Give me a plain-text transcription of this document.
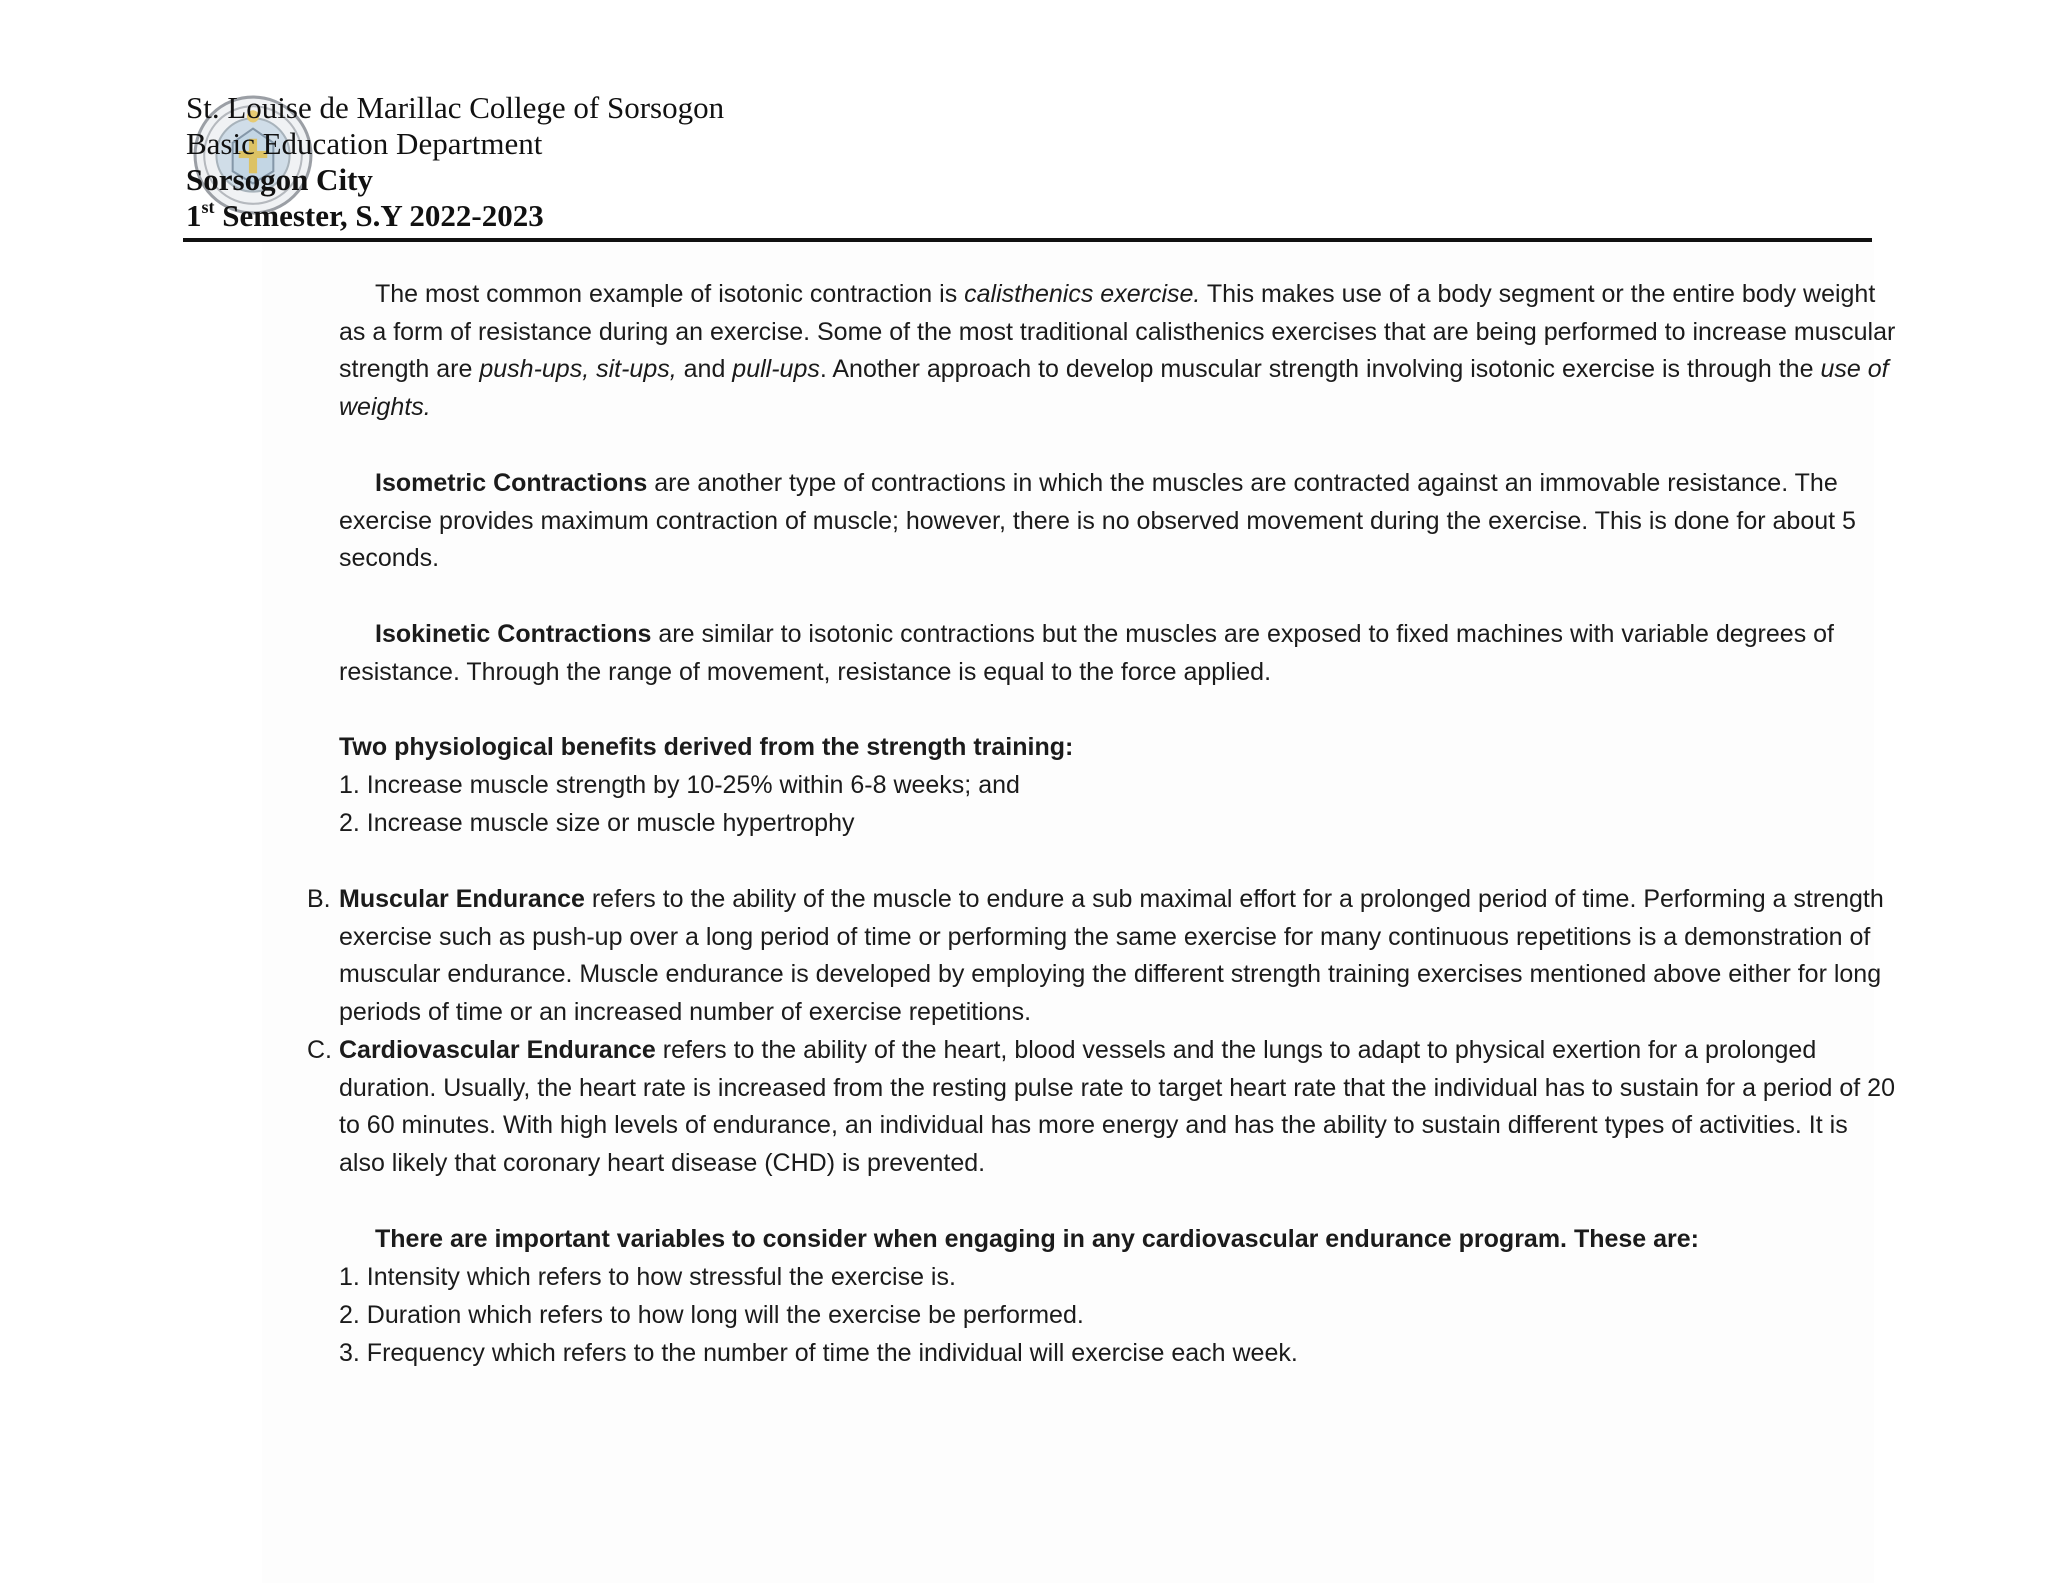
St. Louise de Marillac College of Sorsogon
Basic Education Department
Sorsogon City
1st Semester, S.Y 2022-2023

The most common example of isotonic contraction is calisthenics exercise. This makes use of a body segment or the entire body weight as a form of resistance during an exercise. Some of the most traditional calisthenics exercises that are being performed to increase muscular strength are push-ups, sit-ups, and pull-ups. Another approach to develop muscular strength involving isotonic exercise is through the use of weights.

Isometric Contractions are another type of contractions in which the muscles are contracted against an immovable resistance. The exercise provides maximum contraction of muscle; however, there is no observed movement during the exercise. This is done for about 5 seconds.

Isokinetic Contractions are similar to isotonic contractions but the muscles are exposed to fixed machines with variable degrees of resistance. Through the range of movement, resistance is equal to the force applied.

Two physiological benefits derived from the strength training:
1. Increase muscle strength by 10-25% within 6-8 weeks; and
2. Increase muscle size or muscle hypertrophy
B. Muscular Endurance refers to the ability of the muscle to endure a sub maximal effort for a prolonged period of time. Performing a strength exercise such as push-up over a long period of time or performing the same exercise for many continuous repetitions is a demonstration of muscular endurance. Muscle endurance is developed by employing the different strength training exercises mentioned above either for long periods of time or an increased number of exercise repetitions.

C. Cardiovascular Endurance refers to the ability of the heart, blood vessels and the lungs to adapt to physical exertion for a prolonged duration. Usually, the heart rate is increased from the resting pulse rate to target heart rate that the individual has to sustain for a period of 20 to 60 minutes. With high levels of endurance, an individual has more energy and has the ability to sustain different types of activities. It is also likely that coronary heart disease (CHD) is prevented.

There are important variables to consider when engaging in any cardiovascular endurance program. These are:
1. Intensity which refers to how stressful the exercise is.
2. Duration which refers to how long will the exercise be performed.
3. Frequency which refers to the number of time the individual will exercise each week.
